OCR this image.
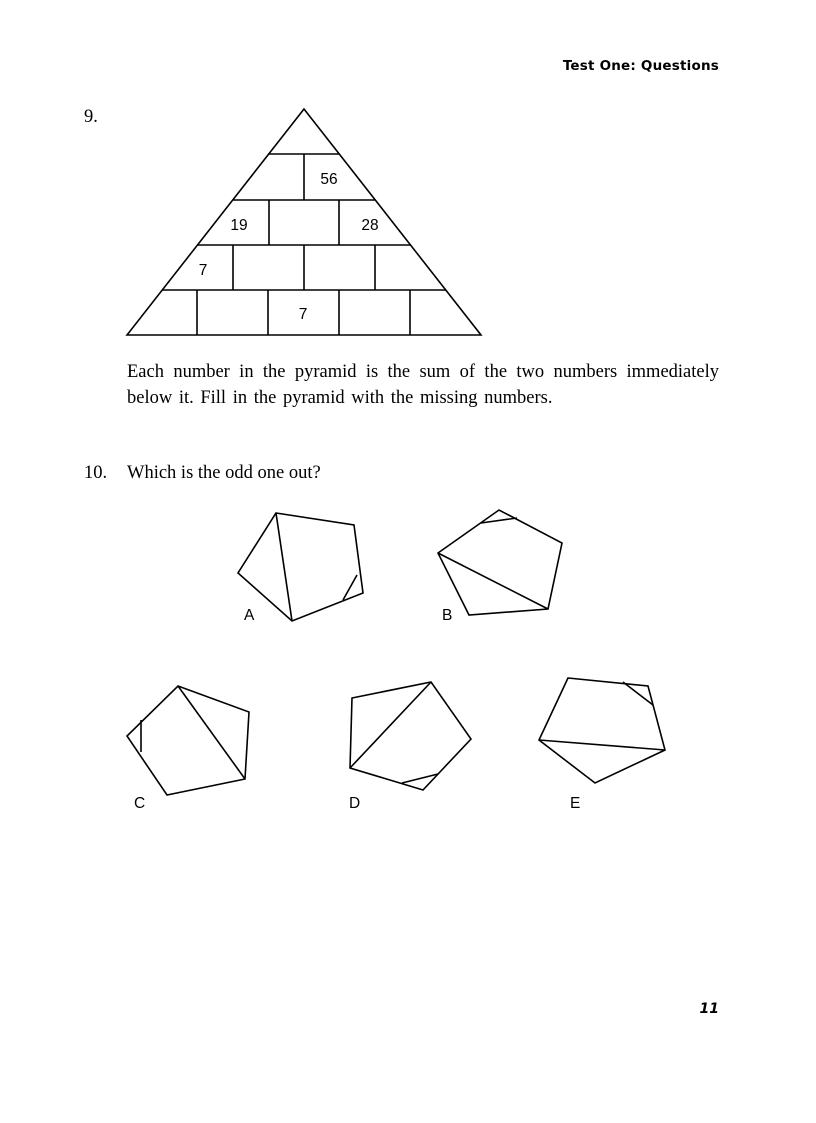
Test One: Questions
9.
56
19	28
7
7
Each number in the pyramid is the sum of the two numbers immediately below it. Fill in the pyramid with the missing numbers.
10. Which is the odd one out?
A	B
C	D	E
11
